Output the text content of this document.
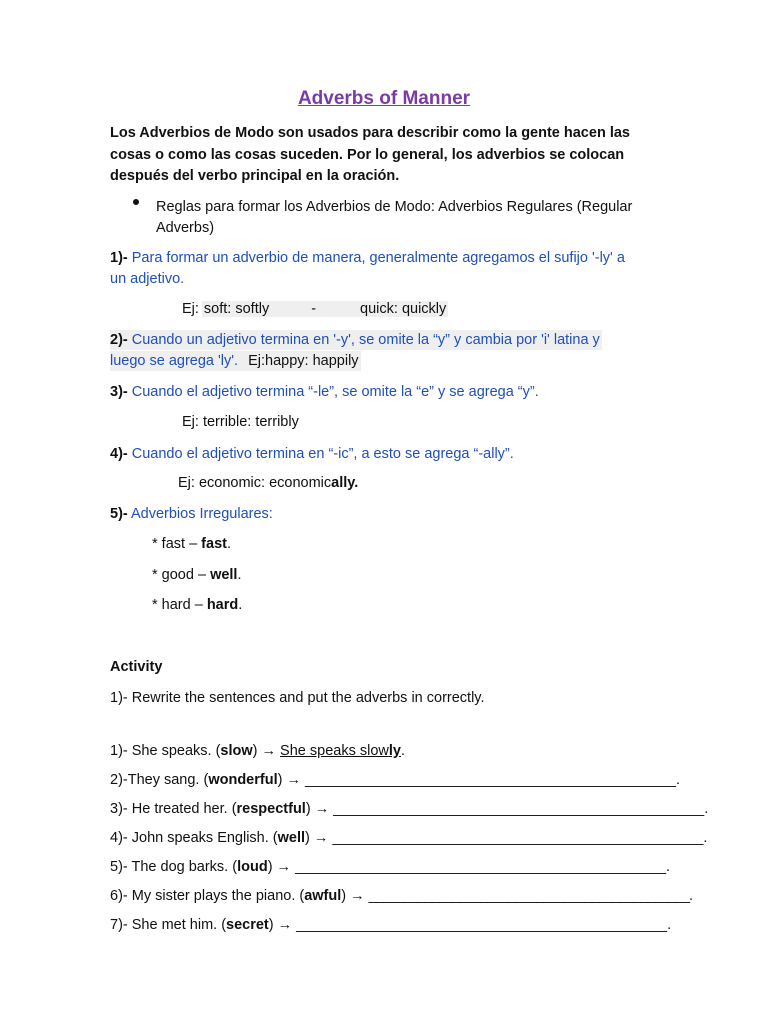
Adverbs of Manner
Los Adverbios de Modo son usados para describir como la gente hacen las
cosas o como las cosas suceden. Por lo general, los adverbios se colocan
después del verbo principal en la oración.
Reglas para formar los Adverbios de Modo: Adverbios Regulares (Regular
Adverbs)
1)- Para formar un adverbio de manera, generalmente agregamos el sufijo '-ly' a
un adjetivo.
Ej: soft: softly	-	quick: quickly
2)- Cuando un adjetivo termina en '-y', se omite la “y” y cambia por 'i' latina y
luego se agrega 'ly'. Ej:happy: happily
3)- Cuando el adjetivo termina “-le”, se omite la “e” y se agrega “y”.
Ej: terrible: terribly
4)- Cuando el adjetivo termina en “-ic”, a esto se agrega “-ally”.
Ej: economic: economically.
5)- Adverbios Irregulares:
* fast – fast.
* good – well.
* hard – hard.
Activity
1)- Rewrite the sentences and put the adverbs in correctly.
1)- She speaks. (slow) → She speaks slowly.
2)-They sang. (wonderful) → ______________________________________________.
3)- He treated her. (respectful) → ______________________________________________.
4)- John speaks English. (well) → ______________________________________________.
5)- The dog barks. (loud) → ______________________________________________.
6)- My sister plays the piano. (awful) → ______________________________________________.
7)- She met him. (secret) → ______________________________________________.
